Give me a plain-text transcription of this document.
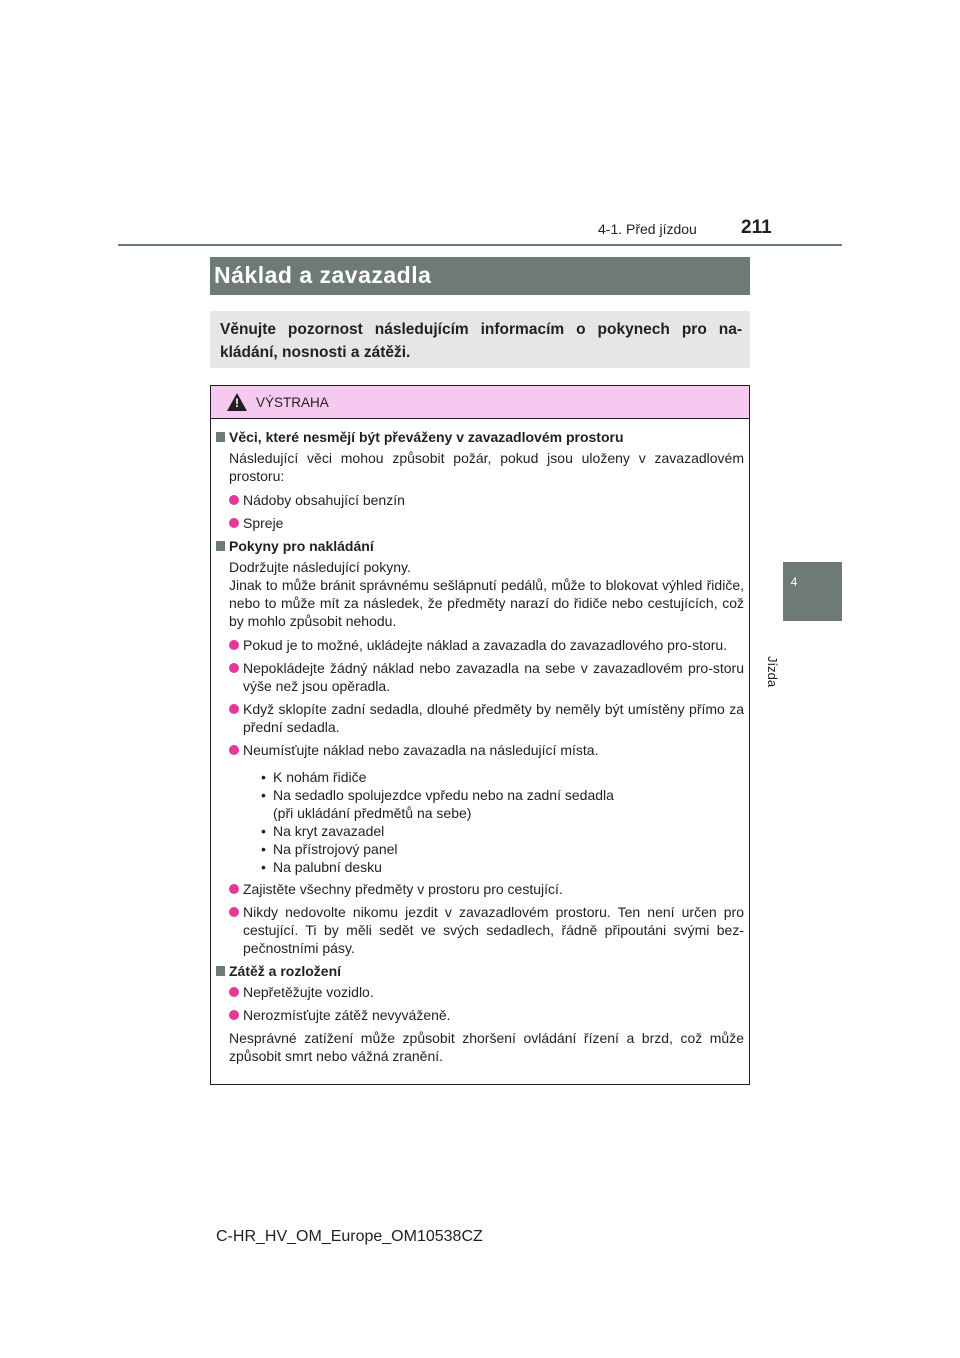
4-1. Před jízdou 211
4
Jízda
Náklad a zavazadla
Věnujte pozornost následujícím informacím o pokynech pro na-kládání, nosnosti a zátěži.
!	VÝSTRAHA
Věci, které nesmějí být převáženy v zavazadlovém prostoru
Následující věci mohou způsobit požár, pokud jsou uloženy v zavazadlovém prostoru:
Nádoby obsahující benzín
Spreje
Pokyny pro nakládání
Dodržujte následující pokyny.
Jinak to může bránit správnému sešlápnutí pedálů, může to blokovat výhled řidiče, nebo to může mít za následek, že předměty narazí do řidiče nebo cestujících, což by mohlo způsobit nehodu.
Pokud je to možné, ukládejte náklad a zavazadla do zavazadlového pro-storu.
Nepokládejte žádný náklad nebo zavazadla na sebe v zavazadlovém pro-storu výše než jsou opěradla.
Když sklopíte zadní sedadla, dlouhé předměty by neměly být umístěny přímo za přední sedadla.
Neumísťujte náklad nebo zavazadla na následující místa.
• K nohám řidiče
• Na sedadlo spolujezdce vpředu nebo na zadní sedadla
(při ukládání předmětů na sebe)
• Na kryt zavazadel
• Na přístrojový panel
• Na palubní desku
Zajistěte všechny předměty v prostoru pro cestující.
Nikdy nedovolte nikomu jezdit v zavazadlovém prostoru. Ten není určen pro cestující. Ti by měli sedět ve svých sedadlech, řádně připoutáni svými bez-pečnostními pásy.
Zátěž a rozložení
Nepřetěžujte vozidlo.
Nerozmísťujte zátěž nevyváženě.
Nesprávné zatížení může způsobit zhoršení ovládání řízení a brzd, což může způsobit smrt nebo vážná zranění.
C-HR_HV_OM_Europe_OM10538CZ
